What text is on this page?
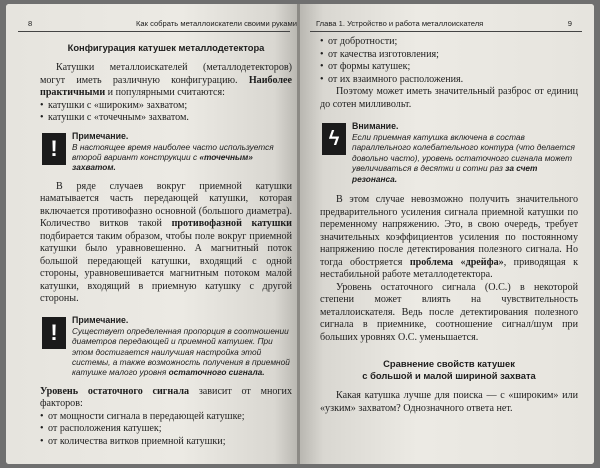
8	Как собрать металлоискатели своими руками
Конфигурация катушек металлодетектора

Катушки металлоискателей (металлодетекторов) могут иметь различную конфигурацию. Наиболее практичными и популярными считаются:

• катушки с «широким» захватом;
• катушки с «точечным» захватом.
!	Примечание.
В настоящее время наиболее часто используется второй вариант конструкции с «точечным» захватом.

В ряде случаев вокруг приемной катушки наматывается часть передающей катушки, которая включается противофазно основной (большого диаметра). Количество витков такой противофазной катушки подбирается таким образом, чтобы поле вокруг приемной катушки было уравновешенно. А магнитный поток большой передающей катушки, входящий с одной стороны, уравновешивается магнитным потоком малой катушки, входящий в приемную катушку с другой стороны.

!	Примечание.
Существует определенная пропорция в соотношении диаметров передающей и приемной катушек. При этом достигается наилучшая настройка этой системы, а также возможность получения в приемной катушке малого уровня остаточного сигнала.

Уровень остаточного сигнала зависит от многих факторов:

• от мощности сигнала в передающей катушке;
• от расположения катушек;
• от количества витков приемной катушки;
Глава 1. Устройство и работа металлоискателя	9
• от добротности;
• от качества изготовления;
• от формы катушек;
• от их взаимного расположения.

Поэтому может иметь значительный разброс от единиц до сотен милливольт.

ϟ
Внимание.
Если приемная катушка включена в состав параллельного колебательного контура (что делается довольно часто), уровень остаточного сигнала может увеличиваться в десятки и сотни раз за счет резонанса.

В этом случае невозможно получить значительного предварительного усиления сигнала приемной катушки по переменному напряжению. Это, в свою очередь, требует значительных коэффициентов усиления по постоянному напряжению после детектирования полезного сигнала. Но тогда обостряется проблема «дрейфа», приводящая к нестабильной работе металлодетектора.

Уровень остаточного сигнала (О.С.) в некоторой степени может влиять на чувствительность металлоискателя. Ведь после детектирования полезного сигнала в приемнике, соотношение сигнал/шум при больших уровнях О.С. уменьшается.

Сравнение свойств катушек
с большой и малой шириной захвата

Какая катушка лучше для поиска — с «широким» или «узким» захватом? Однозначного ответа нет.
